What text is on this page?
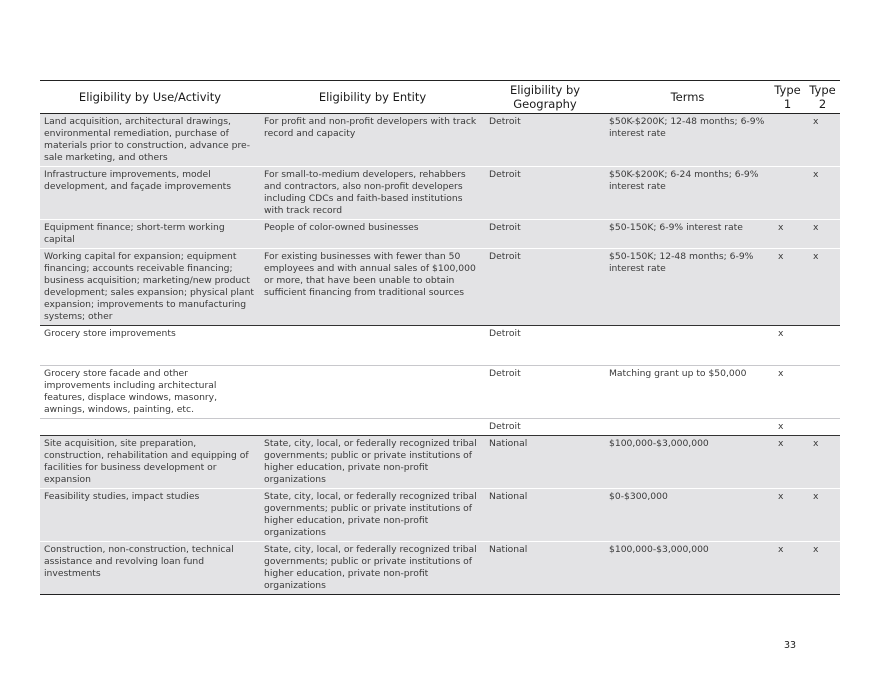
Eligibility by Use/Activity	Eligibility by Entity	Eligibility by Geography	Terms	Type 1	Type 2
Land acquisition, architectural drawings, environmental remediation, purchase of materials prior to construction, advance pre-sale marketing, and others	For profit and non-profit developers with track record and capacity	Detroit	$50K-$200K; 12-48 months; 6-9% interest rate		x
Infrastructure improvements, model development, and façade improvements	For small-to-medium developers, rehabbers and contractors, also non-profit developers including CDCs and faith-based institutions with track record	Detroit	$50K-$200K; 6-24 months; 6-9% interest rate		x
Equipment finance; short-term working capital	People of color-owned businesses	Detroit	$50-150K; 6-9% interest rate	x	x
Working capital for expansion; equipment financing; accounts receivable financing; business acquisition; marketing/new product development; sales expansion; physical plant expansion; improvements to manufacturing systems; other	For existing businesses with fewer than 50 employees and with annual sales of $100,000 or more, that have been unable to obtain sufficient financing from traditional sources	Detroit	$50-150K; 12-48 months; 6-9% interest rate	x	x
Grocery store improvements		Detroit		x	
Grocery store facade and other improvements including architectural features, displace windows, masonry, awnings, windows, painting, etc.		Detroit	Matching grant up to $50,000	x	
		Detroit		x	
Site acquisition, site preparation, construction, rehabilitation and equipping of facilities for business development or expansion	State, city, local, or federally recognized tribal governments; public or private institutions of higher education, private non-profit organizations	National	$100,000-$3,000,000	x	x
Feasibility studies, impact studies	State, city, local, or federally recognized tribal governments; public or private institutions of higher education, private non-profit organizations	National	$0-$300,000	x	x
Construction, non-construction, technical assistance and revolving loan fund investments	State, city, local, or federally recognized tribal governments; public or private institutions of higher education, private non-profit organizations	National	$100,000-$3,000,000	x	x
33
